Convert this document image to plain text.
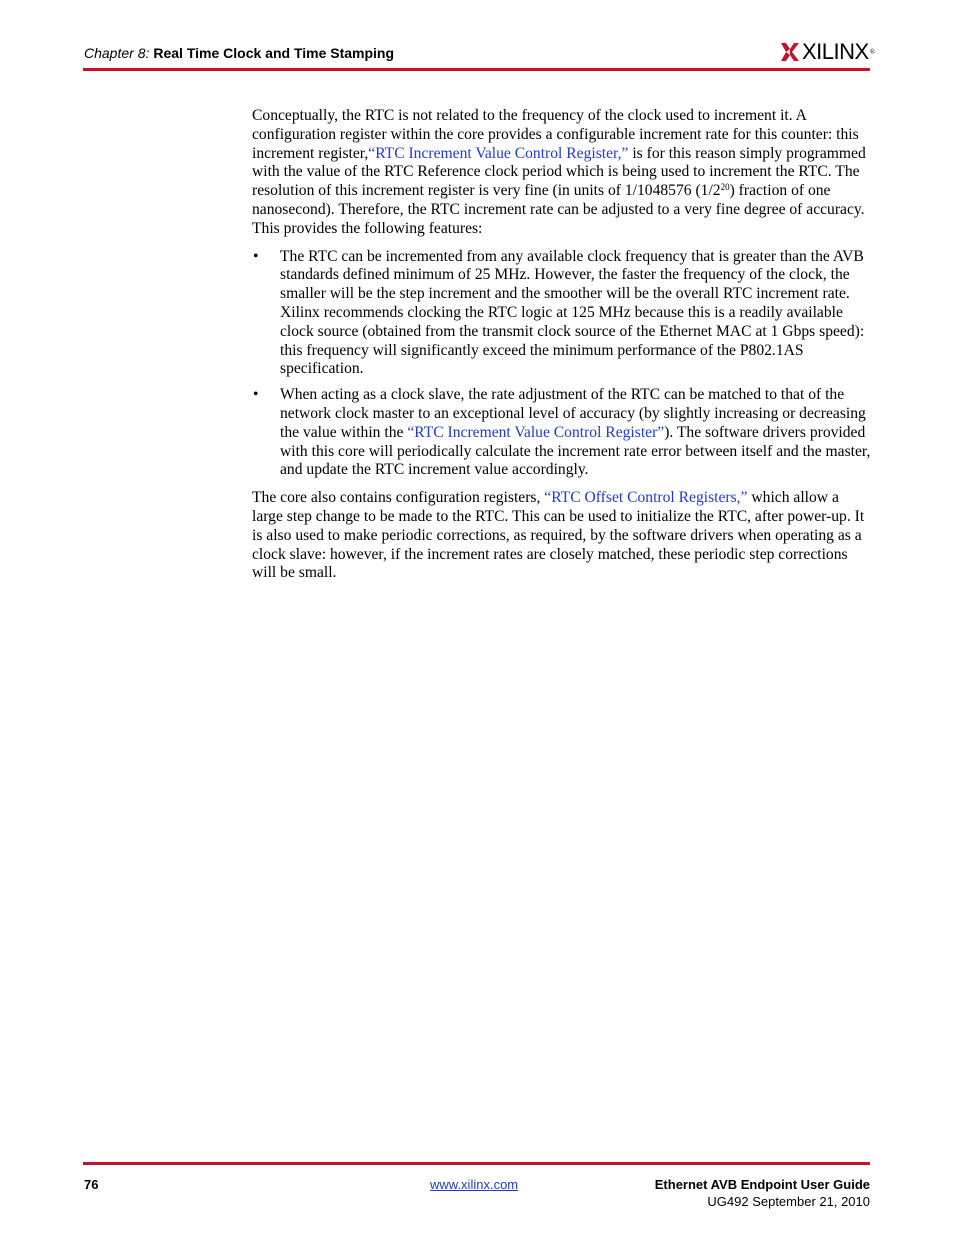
Chapter 8: Real Time Clock and Time Stamping	XILINX ®

Conceptually, the RTC is not related to the frequency of the clock used to increment it. A configuration register within the core provides a configurable increment rate for this counter: this increment register,“RTC Increment Value Control Register,” is for this reason simply programmed with the value of the RTC Reference clock period which is being used to increment the RTC. The resolution of this increment register is very fine (in units of 1/1048576 $(1/2^{20})$ fraction of one nanosecond). Therefore, the RTC increment rate can be adjusted to a very fine degree of accuracy. This provides the following features:

• The RTC can be incremented from any available clock frequency that is greater than the AVB standards defined minimum of 25 MHz. However, the faster the frequency of the clock, the smaller will be the step increment and the smoother will be the overall RTC increment rate. Xilinx recommends clocking the RTC logic at 125 MHz because this is a readily available clock source (obtained from the transmit clock source of the Ethernet MAC at 1 Gbps speed): this frequency will significantly exceed the minimum performance of the P802.1AS specification.
• When acting as a clock slave, the rate adjustment of the RTC can be matched to that of the network clock master to an exceptional level of accuracy (by slightly increasing or decreasing the value within the “RTC Increment Value Control Register”). The software drivers provided with this core will periodically calculate the increment rate error between itself and the master, and update the RTC increment value accordingly.

The core also contains configuration registers, “RTC Offset Control Registers,” which allow a large step change to be made to the RTC. This can be used to initialize the RTC, after power-up. It is also used to make periodic corrections, as required, by the software drivers when operating as a clock slave: however, if the increment rates are closely matched, these periodic step corrections will be small.

76	www.xilinx.com	Ethernet AVB Endpoint User Guide
UG492 September 21, 2010
